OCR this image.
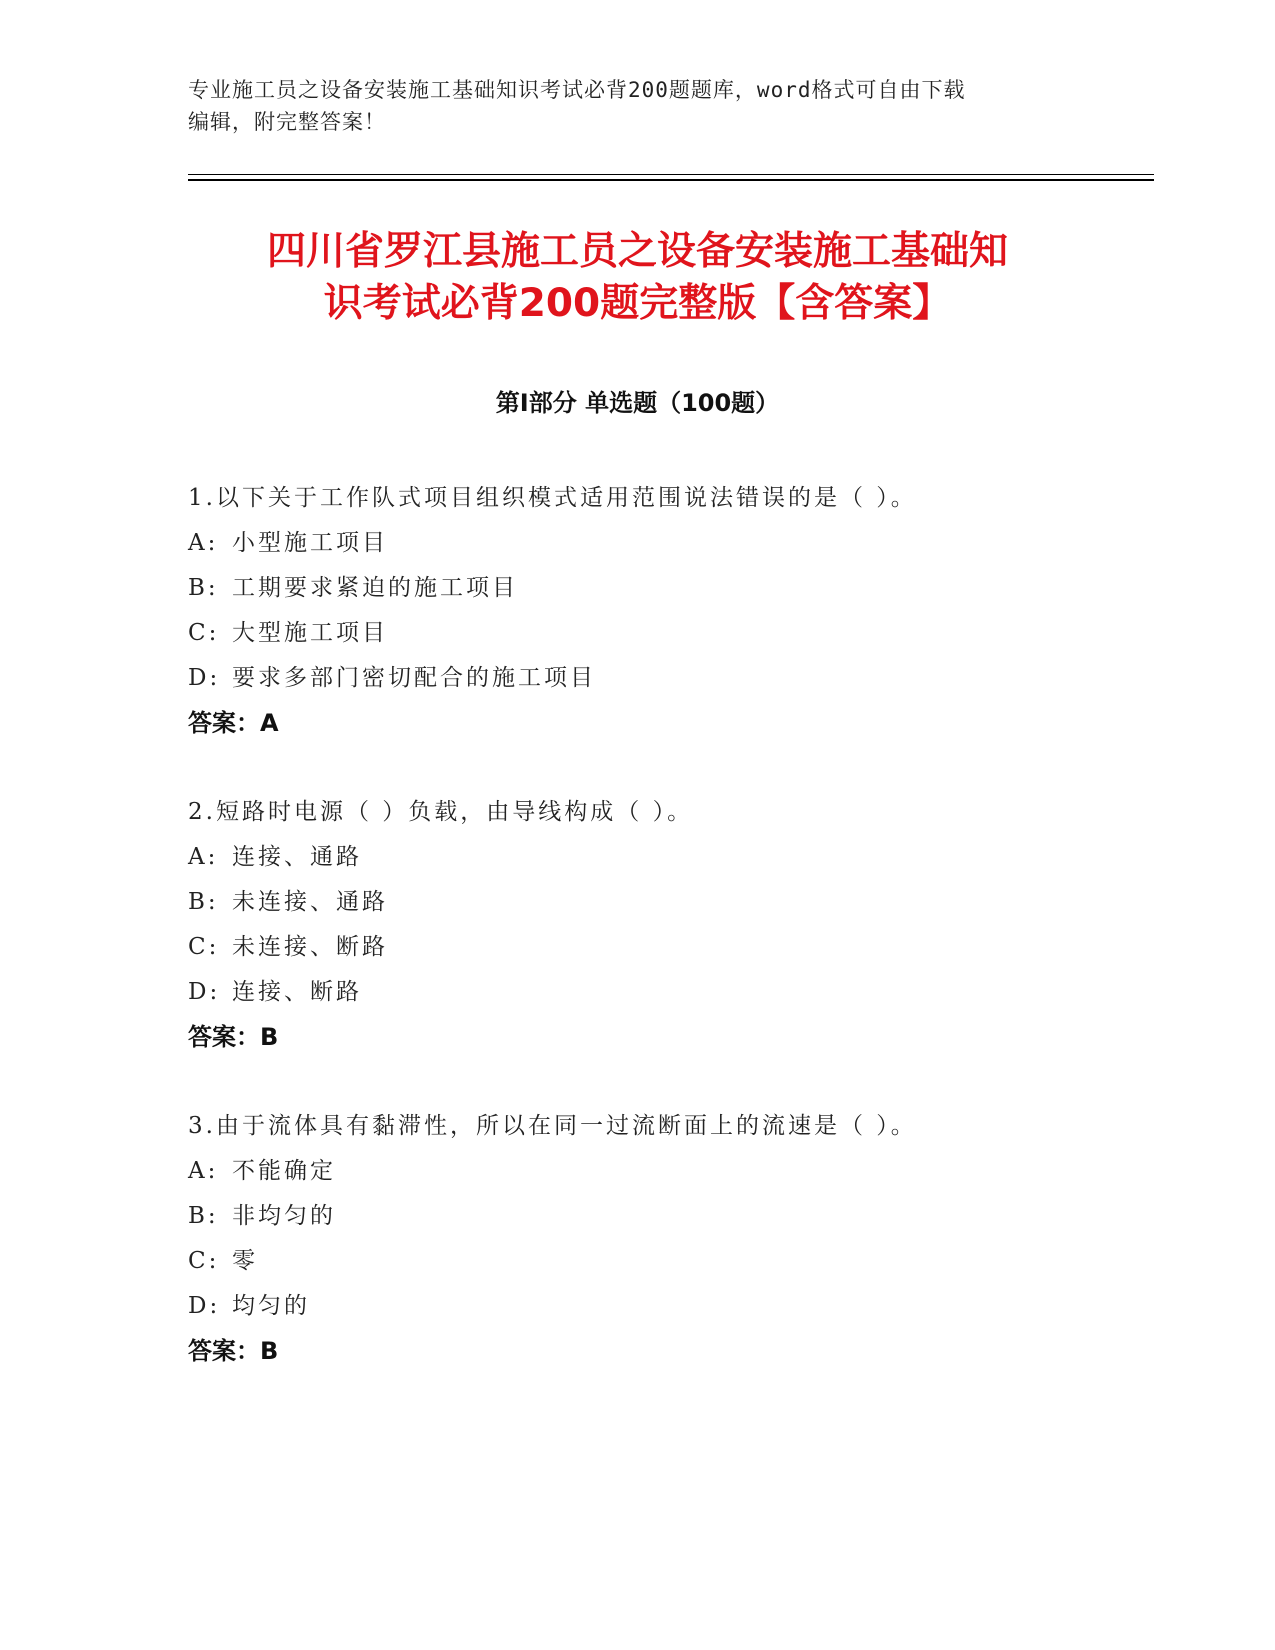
专业施工员之设备安装施工基础知识考试必背200题题库，word格式可自由下载
编辑，附完整答案！
四川省罗江县施工员之设备安装施工基础知
识考试必背200题完整版【含答案】
第Ⅰ部分 单选题（100题）
1.以下关于工作队式项目组织模式适用范围说法错误的是（ ）。
A: 小型施工项目
B: 工期要求紧迫的施工项目
C: 大型施工项目
D: 要求多部门密切配合的施工项目
答案：A
2.短路时电源（ ）负载，由导线构成（ ）。
A: 连接、通路
B: 未连接、通路
C: 未连接、断路
D: 连接、断路
答案：B
3.由于流体具有黏滞性，所以在同一过流断面上的流速是（ ）。
A: 不能确定
B: 非均匀的
C: 零
D: 均匀的
答案：B
